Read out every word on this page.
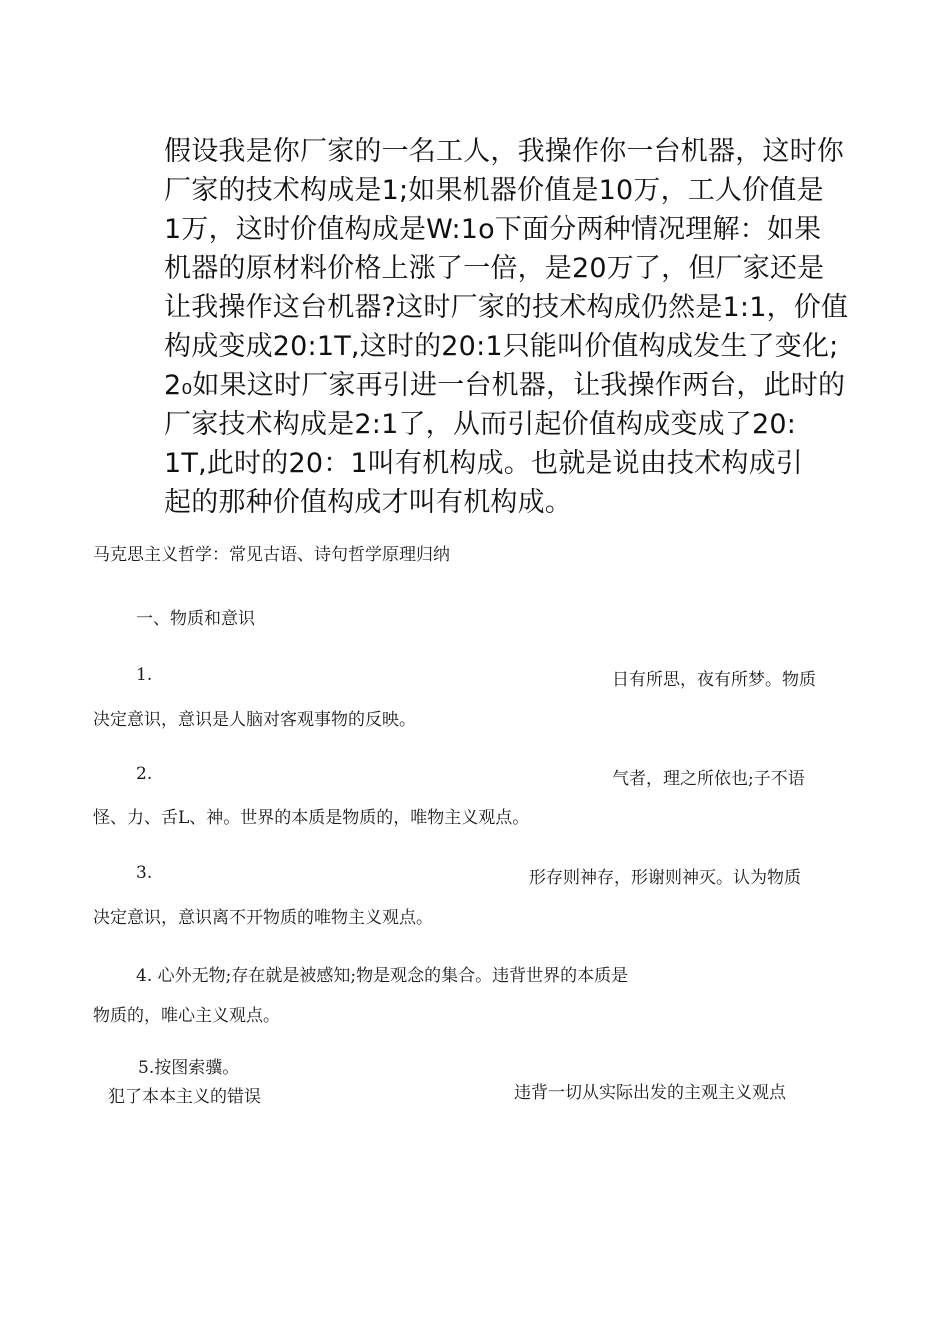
假设我是你厂家的一名工人，我操作你一台机器，这时你
厂家的技术构成是1;如果机器价值是10万，工人价值是
1万，这时价值构成是W:1o下面分两种情况理解：如果
机器的原材料价格上涨了一倍，是20万了，但厂家还是
让我操作这台机器?这时厂家的技术构成仍然是1:1，价值
构成变成20:1T,这时的20:1只能叫价值构成发生了变化;
2₀如果这时厂家再引进一台机器，让我操作两台，此时的
厂家技术构成是2:1了，从而引起价值构成变成了20:
1T,此时的20：1叫有机构成。也就是说由技术构成引
起的那种价值构成才叫有机构成。
马克思主义哲学：常见古语、诗句哲学原理归纳
一、物质和意识
1.	日有所思，夜有所梦。物质
决定意识，意识是人脑对客观事物的反映。
2.	气者，理之所依也;子不语
怪、力、舌L、神。世界的本质是物质的，唯物主义观点。
3.	形存则神存，形谢则神灭。认为物质
决定意识，意识离不开物质的唯物主义观点。
4. 心外无物;存在就是被感知;物是观念的集合。违背世界的本质是
物质的，唯心主义观点。
5.按图索骥。
犯了本本主义的错误	违背一切从实际出发的主观主义观点
